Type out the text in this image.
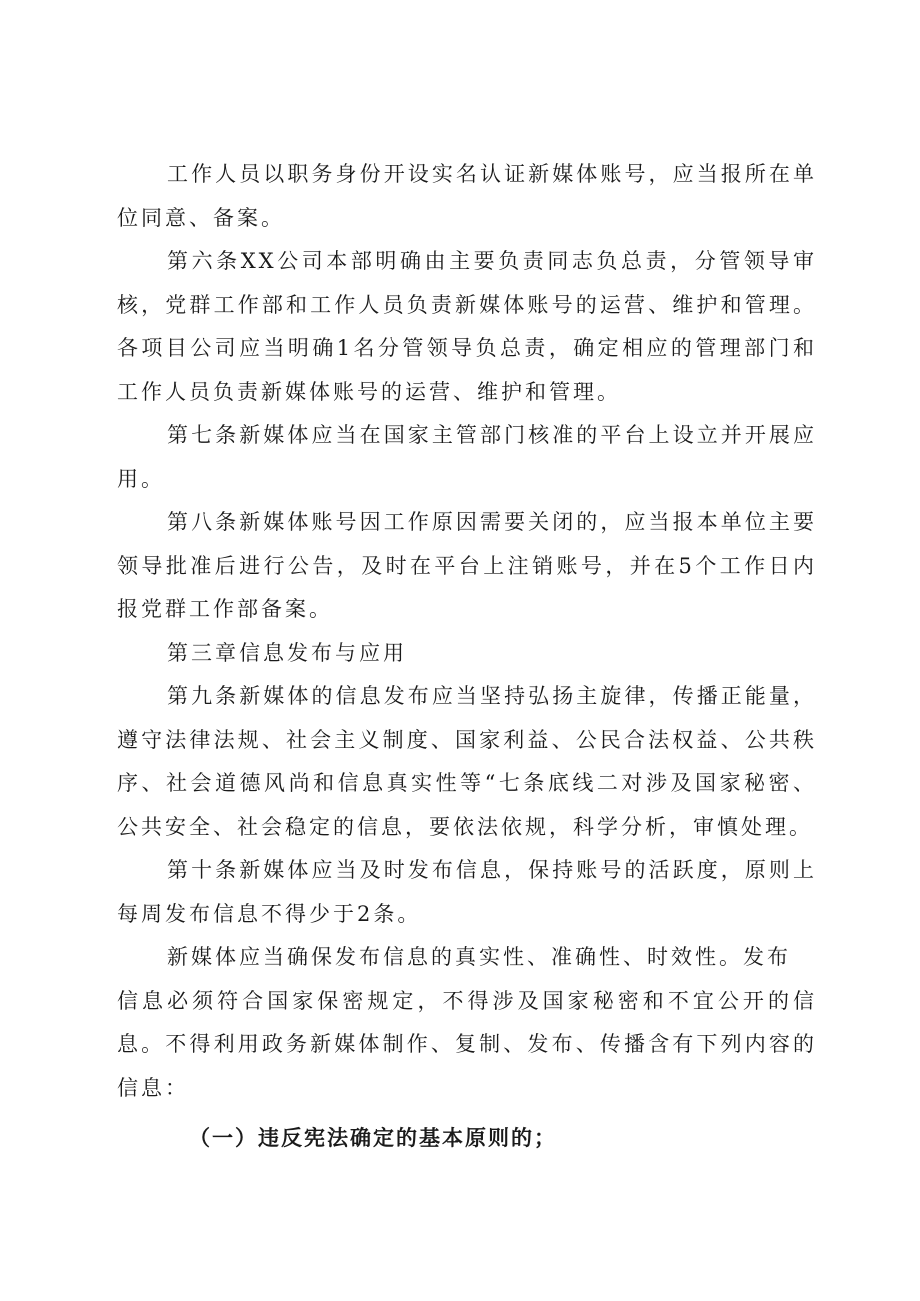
工作人员以职务身份开设实名认证新媒体账号，应当报所在单位同意、备案。

第六条XX公司本部明确由主要负责同志负总责，分管领导审核，党群工作部和工作人员负责新媒体账号的运营、维护和管理。各项目公司应当明确1名分管领导负总责，确定相应的管理部门和工作人员负责新媒体账号的运营、维护和管理。

第七条新媒体应当在国家主管部门核准的平台上设立并开展应用。

第八条新媒体账号因工作原因需要关闭的，应当报本单位主要领导批准后进行公告，及时在平台上注销账号，并在5个工作日内报党群工作部备案。

第三章信息发布与应用

第九条新媒体的信息发布应当坚持弘扬主旋律，传播正能量，遵守法律法规、社会主义制度、国家利益、公民合法权益、公共秩序、社会道德风尚和信息真实性等“七条底线二对涉及国家秘密、公共安全、社会稳定的信息，要依法依规，科学分析，审慎处理。

第十条新媒体应当及时发布信息，保持账号的活跃度，原则上每周发布信息不得少于2条。

新媒体应当确保发布信息的真实性、准确性、时效性。发布

信息必须符合国家保密规定，不得涉及国家秘密和不宜公开的信息。不得利用政务新媒体制作、复制、发布、传播含有下列内容的信息：

（一）违反宪法确定的基本原则的；
